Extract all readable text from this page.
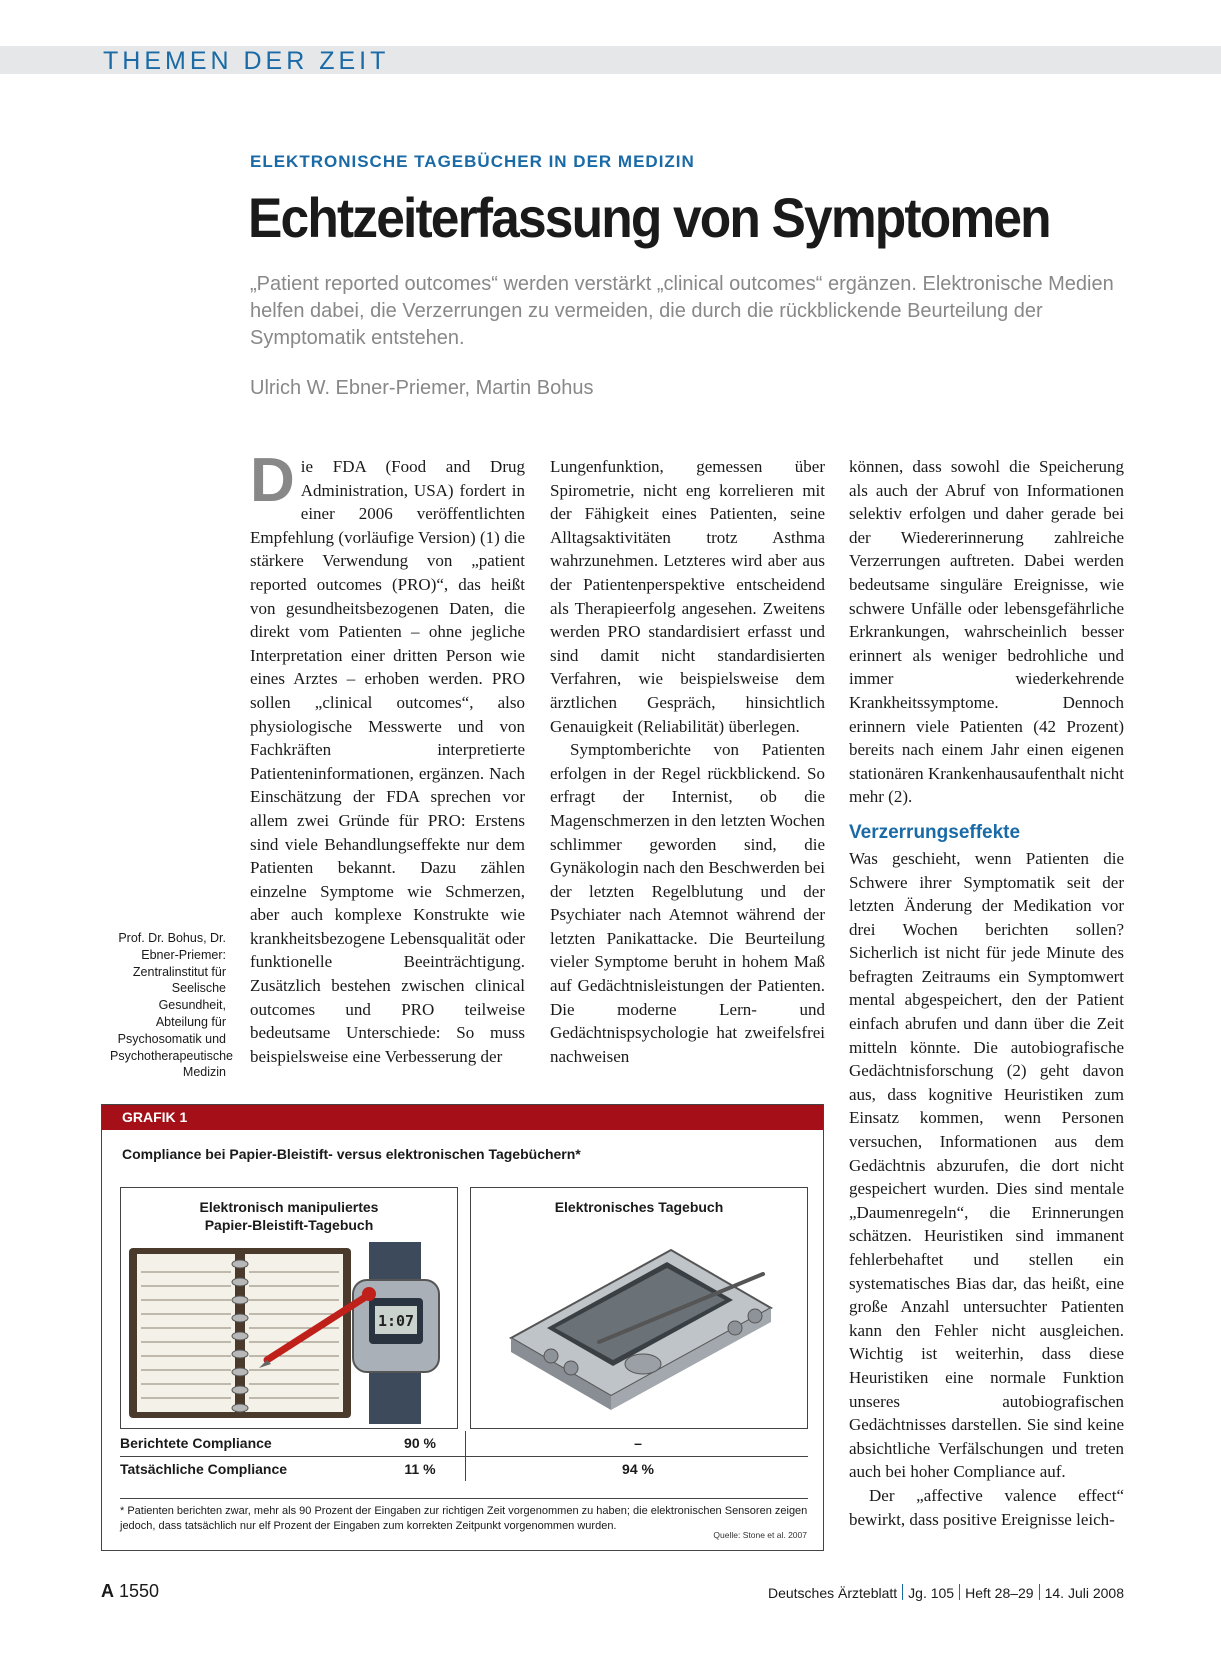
THEMEN DER ZEIT
ELEKTRONISCHE TAGEBÜCHER IN DER MEDIZIN
Echtzeiterfassung von Symptomen
„Patient reported outcomes“ werden verstärkt „clinical outcomes“ ergänzen. Elektronische Medien helfen dabei, die Verzerrungen zu vermeiden, die durch die rückblickende Beurteilung der Symptomatik entstehen.
Ulrich W. Ebner-Priemer, Martin Bohus

Die FDA (Food and Drug Administration, USA) fordert in einer 2006 veröffentlichten Empfehlung (vorläufige Version) (1) die stärkere Verwendung von „patient reported outcomes (PRO)“, das heißt von gesundheitsbezogenen Daten, die direkt vom Patienten – ohne jegliche Interpretation einer dritten Person wie eines Arztes – erhoben werden. PRO sollen „clinical outcomes“, also physiologische Messwerte und von Fachkräften interpretierte Patienteninformationen, ergänzen. Nach Einschätzung der FDA sprechen vor allem zwei Gründe für PRO: Erstens sind viele Behandlungseffekte nur dem Patienten bekannt. Dazu zählen einzelne Symptome wie Schmerzen, aber auch komplexe Konstrukte wie krankheitsbezogene Lebensqualität oder funktionelle Beeinträchtigung. Zusätzlich bestehen zwischen clinical outcomes und PRO teilweise bedeutsame Unterschiede: So muss beispielsweise eine Verbesserung der

Lungenfunktion, gemessen über Spirometrie, nicht eng korrelieren mit der Fähigkeit eines Patienten, seine Alltagsaktivitäten trotz Asthma wahrzunehmen. Letzteres wird aber aus der Patientenperspektive entscheidend als Therapieerfolg angesehen. Zweitens werden PRO standardisiert erfasst und sind damit nicht standardisierten Verfahren, wie beispielsweise dem ärztlichen Gespräch, hinsichtlich Genauigkeit (Reliabilität) überlegen.

Symptomberichte von Patienten erfolgen in der Regel rückblickend. So erfragt der Internist, ob die Magenschmerzen in den letzten Wochen schlimmer geworden sind, die Gynäkologin nach den Beschwerden bei der letzten Regelblutung und der Psychiater nach Atemnot während der letzten Panikattacke. Die Beurteilung vieler Symptome beruht in hohem Maß auf Gedächtnisleistungen der Patienten. Die moderne Lern- und Gedächtnispsychologie hat zweifelsfrei nachweisen

können, dass sowohl die Speicherung als auch der Abruf von Informationen selektiv erfolgen und daher gerade bei der Wiedererinnerung zahlreiche Verzerrungen auftreten. Dabei werden bedeutsame singuläre Ereignisse, wie schwere Unfälle oder lebensgefährliche Erkrankungen, wahrscheinlich besser erinnert als weniger bedrohliche und immer wiederkehrende Krankheitssymptome. Dennoch erinnern viele Patienten (42 Prozent) bereits nach einem Jahr einen eigenen stationären Krankenhausaufenthalt nicht mehr (2).

Verzerrungseffekte

Was geschieht, wenn Patienten die Schwere ihrer Symptomatik seit der letzten Änderung der Medikation vor drei Wochen berichten sollen? Sicherlich ist nicht für jede Minute des befragten Zeitraums ein Symptomwert mental abgespeichert, den der Patient einfach abrufen und dann über die Zeit mitteln könnte. Die autobiografische Gedächtnisforschung (2) geht davon aus, dass kognitive Heuristiken zum Einsatz kommen, wenn Personen versuchen, Informationen aus dem Gedächtnis abzurufen, die dort nicht gespeichert wurden. Dies sind mentale „Daumenregeln“, die Erinnerungen schätzen. Heuristiken sind immanent fehlerbehaftet und stellen ein systematisches Bias dar, das heißt, eine große Anzahl untersuchter Patienten kann den Fehler nicht ausgleichen. Wichtig ist weiterhin, dass diese Heuristiken eine normale Funktion unseres autobiografischen Gedächtnisses darstellen. Sie sind keine absichtliche Verfälschungen und treten auch bei hoher Compliance auf.

Der „affective valence effect“ bewirkt, dass positive Ereignisse leich-

Prof. Dr. Bohus, Dr. Ebner-Priemer: Zentralinstitut für Seelische Gesundheit, Abteilung für Psychosomatik und Psychotherapeutische Medizin
GRAFIK 1
Compliance bei Papier-Bleistift- versus elektronischen Tagebüchern*
Elektronisch manipuliertes
Papier-Bleistift-Tagebuch
1:07
Elektronisches Tagebuch
Berichtete Compliance	90 %	–
Tatsächliche Compliance	11 %	94 %
* Patienten berichten zwar, mehr als 90 Prozent der Eingaben zur richtigen Zeit vorgenommen zu haben; die elektronischen Sensoren zeigen jedoch, dass tatsächlich nur elf Prozent der Eingaben zum korrekten Zeitpunkt vorgenommen wurden.
Quelle: Stone et al. 2007
A 1550	Deutsches Ärzteblatt Jg. 105 Heft 28–29 14. Juli 2008
